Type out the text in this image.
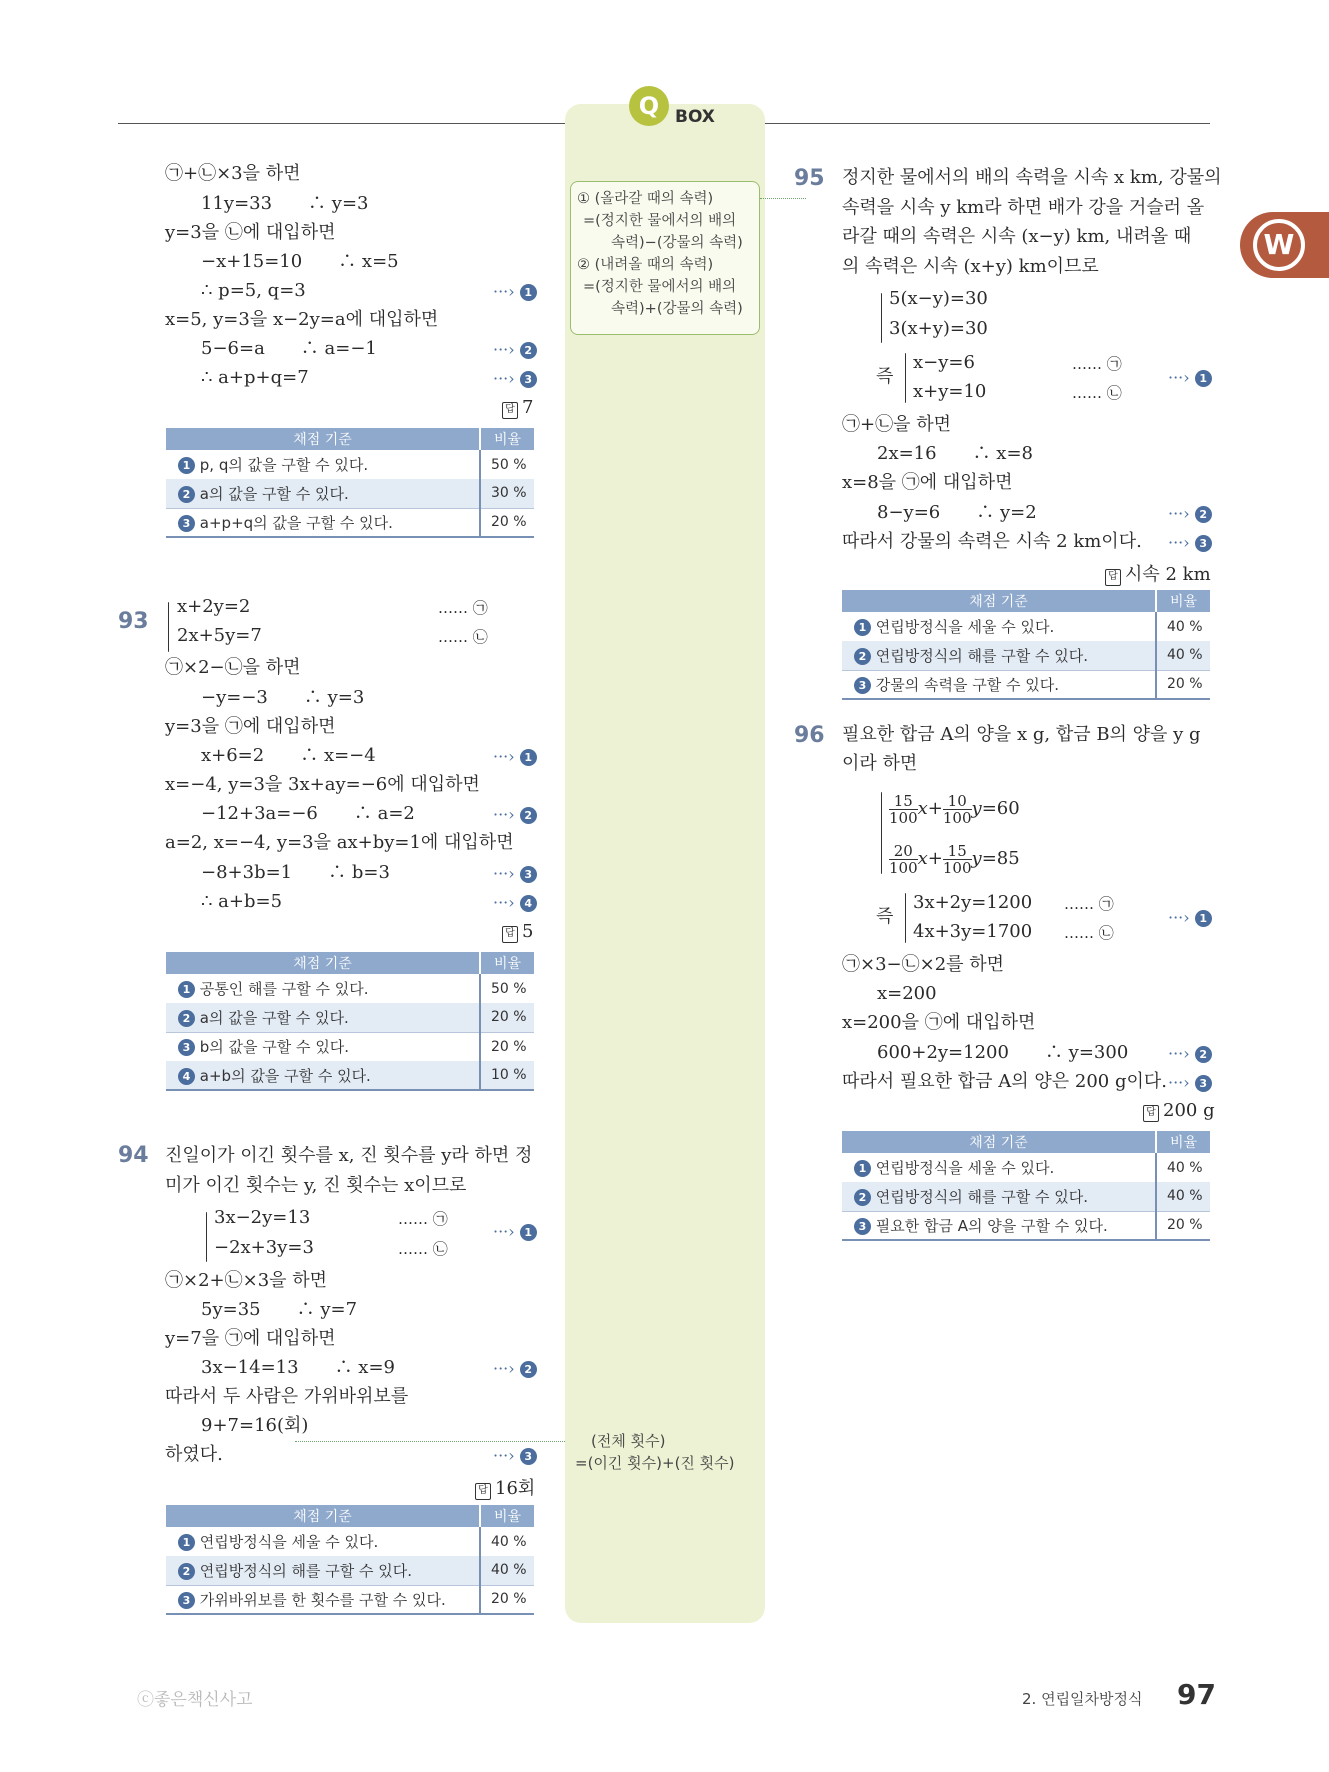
Q BOX
① (올라갈 때의 속력)
=(정지한 물에서의 배의
속력)−(강물의 속력)
② (내려올 때의 속력)
=(정지한 물에서의 배의
속력)+(강물의 속력)
(전체 횟수)
=(이긴 횟수)+(진 횟수)
㉠+㉡×3을 하면
11y=33　　∴ y=3
y=3을 ㉡에 대입하면
−x+15=10　　∴ x=5
∴ p=5, q=3	···› 1
x=5, y=3을 x−2y=a에 대입하면
5−6=a　　∴ a=−1	···› 2
∴ a+p+q=7	···› 3
답 7
채점 기준	비율
1 p, q의 값을 구할 수 있다.	50 %
2 a의 값을 구할 수 있다.	30 %
3 a+p+q의 값을 구할 수 있다.	20 %
93
x+2y=2
2x+5y=7
…… ㉠
…… ㉡
㉠×2−㉡을 하면
−y=−3　　∴ y=3
y=3을 ㉠에 대입하면
x+6=2　　∴ x=−4	···› 1
x=−4, y=3을 3x+ay=−6에 대입하면
−12+3a=−6　　∴ a=2	···› 2
a=2, x=−4, y=3을 ax+by=1에 대입하면
−8+3b=1　　∴ b=3	···› 3
∴ a+b=5	···› 4
답 5
채점 기준	비율
1 공통인 해를 구할 수 있다.	50 %
2 a의 값을 구할 수 있다.	20 %
3 b의 값을 구할 수 있다.	20 %
4 a+b의 값을 구할 수 있다.	10 %
94 진일이가 이긴 횟수를 x, 진 횟수를 y라 하면 정
미가 이긴 횟수는 y, 진 횟수는 x이므로
3x−2y=13
−2x+3y=3
…… ㉠
…… ㉡
···› 1
㉠×2+㉡×3을 하면
5y=35　　∴ y=7
y=7을 ㉠에 대입하면
3x−14=13　　∴ x=9	···› 2
따라서 두 사람은 가위바위보를
9+7=16(회)
하였다.	···› 3
답 16회
채점 기준	비율
1 연립방정식을 세울 수 있다.	40 %
2 연립방정식의 해를 구할 수 있다.	40 %
3 가위바위보를 한 횟수를 구할 수 있다.	20 %
95 정지한 물에서의 배의 속력을 시속 x km, 강물의
속력을 시속 y km라 하면 배가 강을 거슬러 올
라갈 때의 속력은 시속 (x−y) km, 내려올 때
의 속력은 시속 (x+y) km이므로
5(x−y)=30
3(x+y)=30
즉
x−y=6
x+y=10
…… ㉠
…… ㉡
···› 1
㉠+㉡을 하면
2x=16　　∴ x=8
x=8을 ㉠에 대입하면
8−y=6　　∴ y=2	···› 2
따라서 강물의 속력은 시속 2 km이다. ···› 3
답 시속 2 km
채점 기준	비율
1 연립방정식을 세울 수 있다.	40 %
2 연립방정식의 해를 구할 수 있다.	40 %
3 강물의 속력을 구할 수 있다.	20 %
96 필요한 합금 A의 양을 x g, 합금 B의 양을 y g
이라 하면
$\frac{15}{100} x+ \frac{10}{100} y=60$
$\frac{20}{100} x+ \frac{15}{100} y=85$
즉
3x+2y=1200
4x+3y=1700
…… ㉠
…… ㉡
···› 1
㉠×3−㉡×2를 하면
x=200
x=200을 ㉠에 대입하면
600+2y=1200　　∴ y=300 ···› 2
따라서 필요한 합금 A의 양은 200 g이다. ···› 3
답 200 g
채점 기준	비율
1 연립방정식을 세울 수 있다.	40 %
2 연립방정식의 해를 구할 수 있다.	40 %
3 필요한 합금 A의 양을 구할 수 있다.	20 %
W
ⓒ좋은책신사고	2. 연립일차방정식 97
